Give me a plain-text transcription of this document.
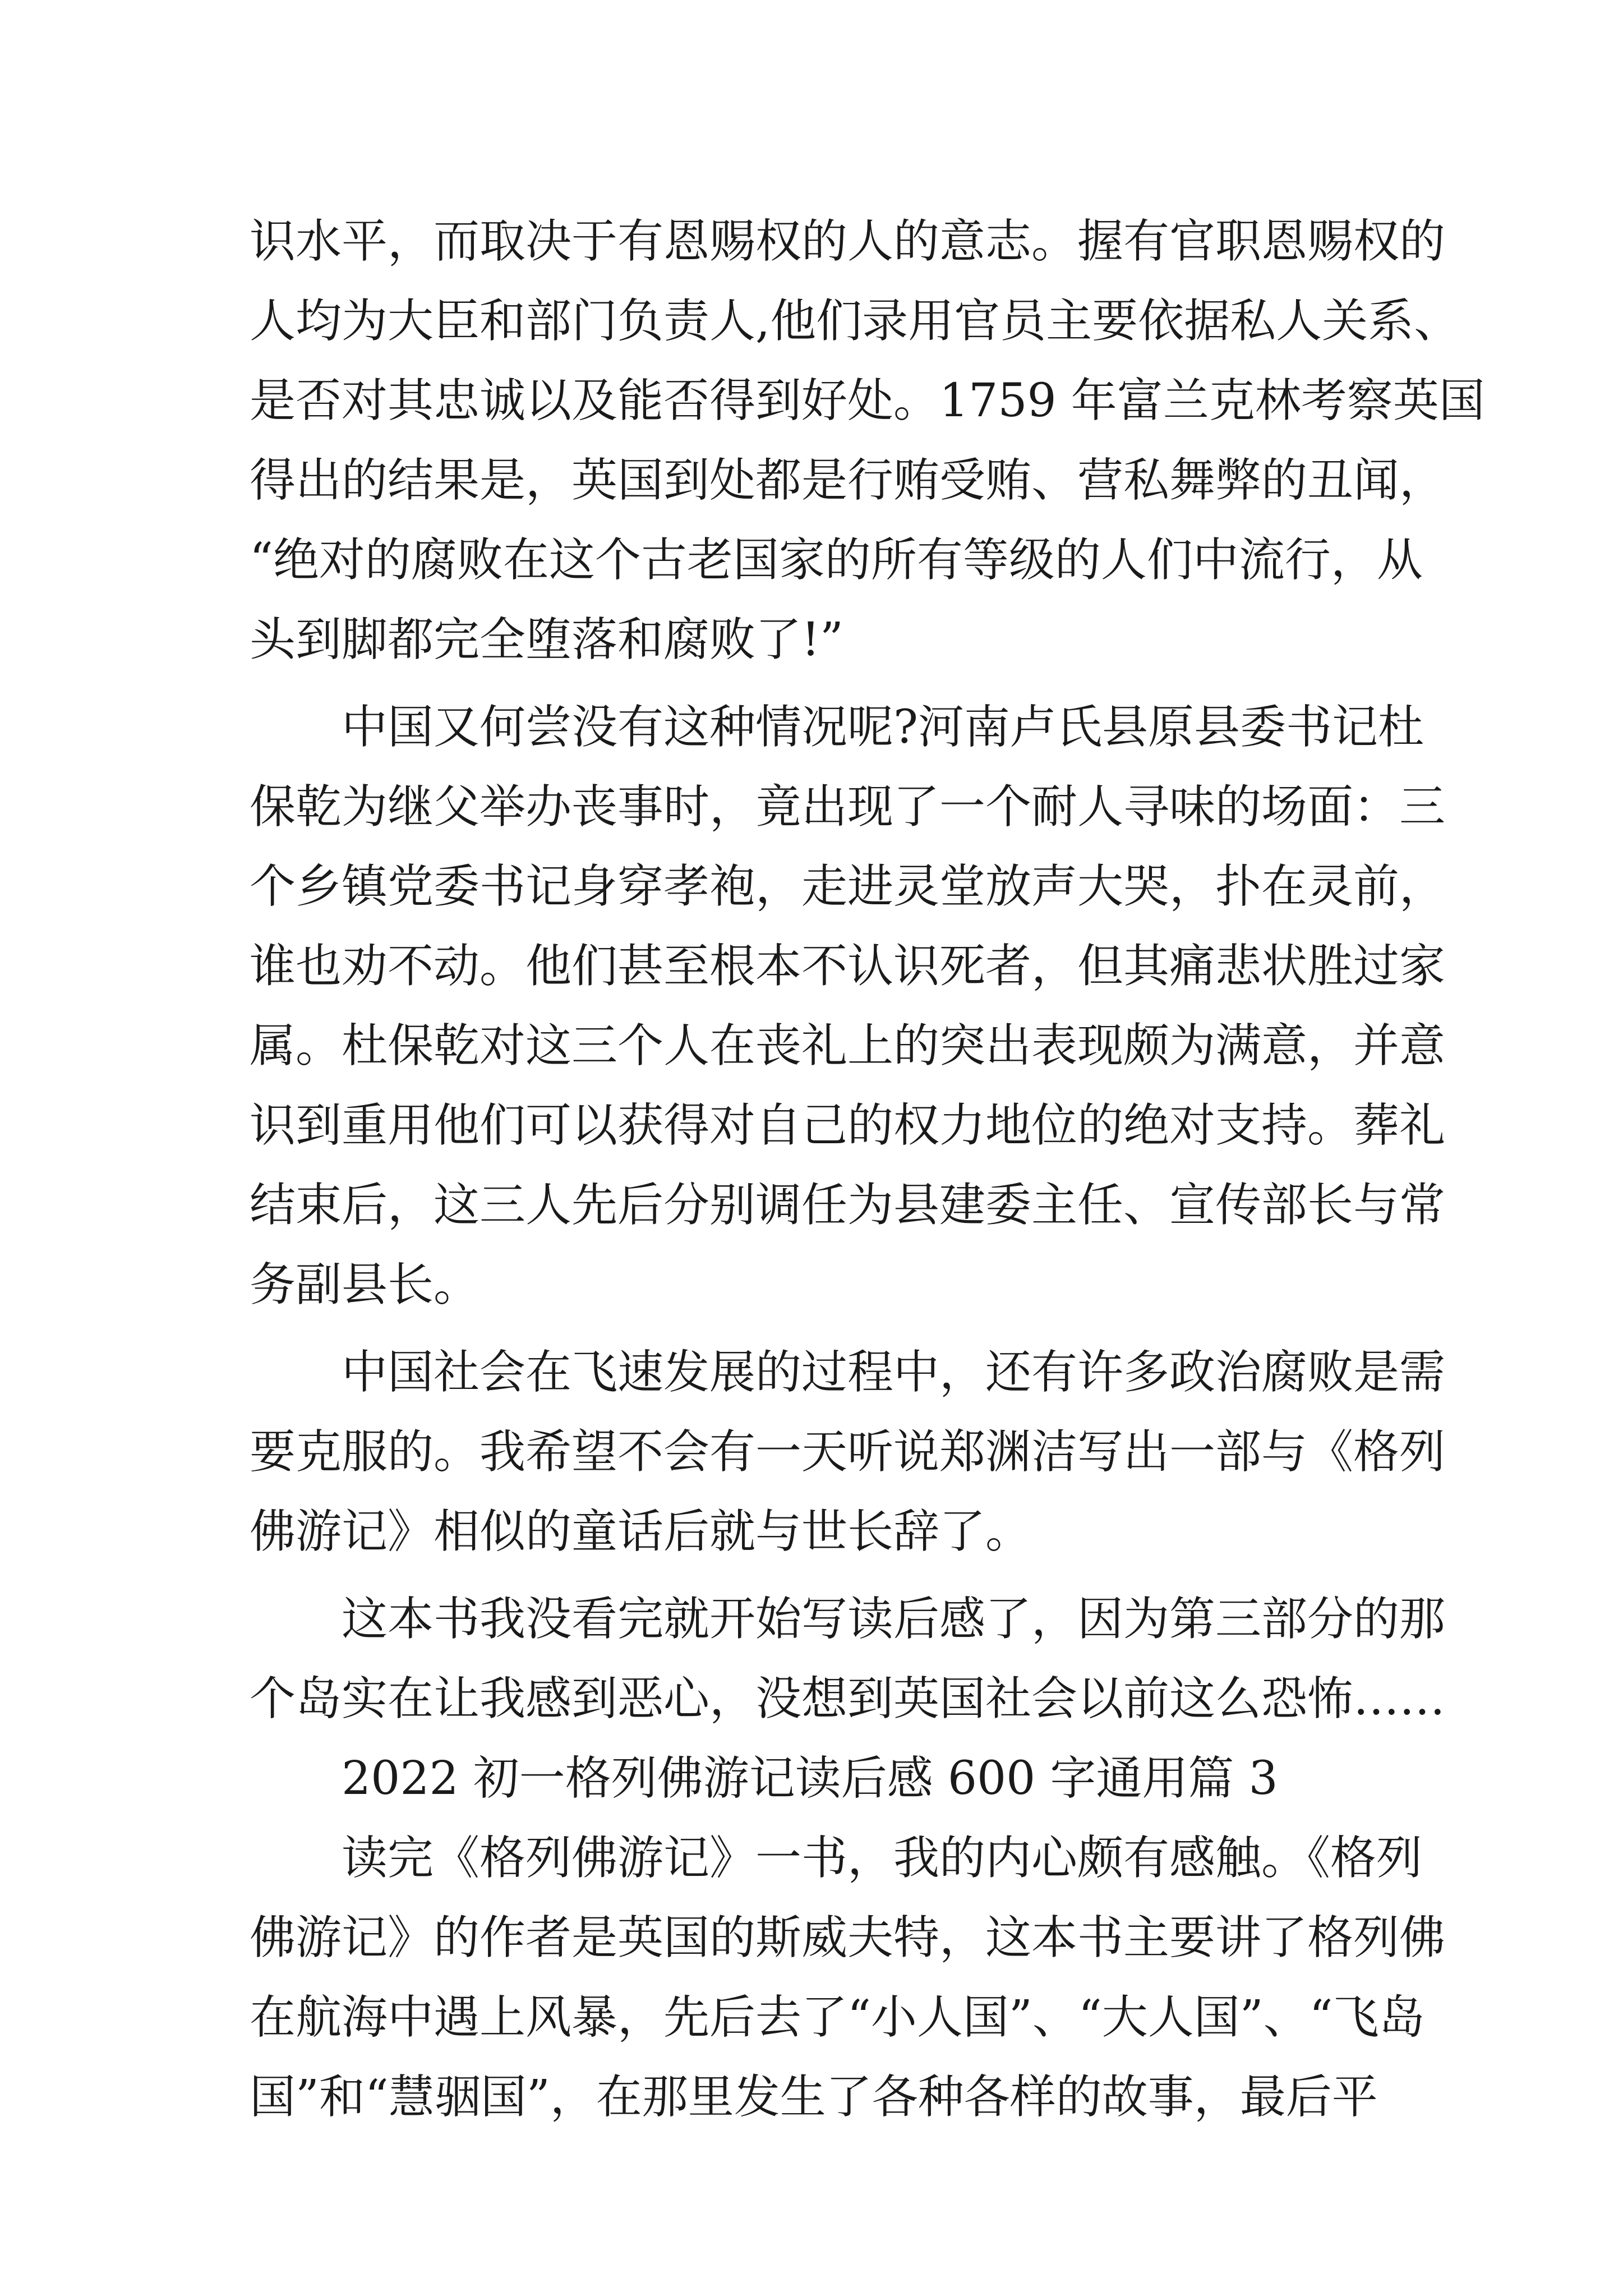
识水平，而取决于有恩赐权的人的意志。握有官职恩赐权的
人均为大臣和部门负责人,他们录用官员主要依据私人关系、
是否对其忠诚以及能否得到好处。1759 年富兰克林考察英国
得出的结果是，英国到处都是行贿受贿、营私舞弊的丑闻，
“绝对的腐败在这个古老国家的所有等级的人们中流行，从
头到脚都完全堕落和腐败了!”
中国又何尝没有这种情况呢?河南卢氏县原县委书记杜
保乾为继父举办丧事时，竟出现了一个耐人寻味的场面：三
个乡镇党委书记身穿孝袍，走进灵堂放声大哭，扑在灵前，
谁也劝不动。他们甚至根本不认识死者，但其痛悲状胜过家
属。杜保乾对这三个人在丧礼上的突出表现颇为满意，并意
识到重用他们可以获得对自己的权力地位的绝对支持。葬礼
结束后，这三人先后分别调任为县建委主任、宣传部长与常
务副县长。
中国社会在飞速发展的过程中，还有许多政治腐败是需
要克服的。我希望不会有一天听说郑渊洁写出一部与《格列
佛游记》相似的童话后就与世长辞了。
这本书我没看完就开始写读后感了，因为第三部分的那
个岛实在让我感到恶心，没想到英国社会以前这么恐怖……
2022 初一格列佛游记读后感 600 字通用篇 3
读完《格列佛游记》一书，我的内心颇有感触。《格列
佛游记》的作者是英国的斯威夫特，这本书主要讲了格列佛
在航海中遇上风暴，先后去了“小人国”、“大人国”、“飞岛
国”和“慧骃国”，在那里发生了各种各样的故事，最后平
